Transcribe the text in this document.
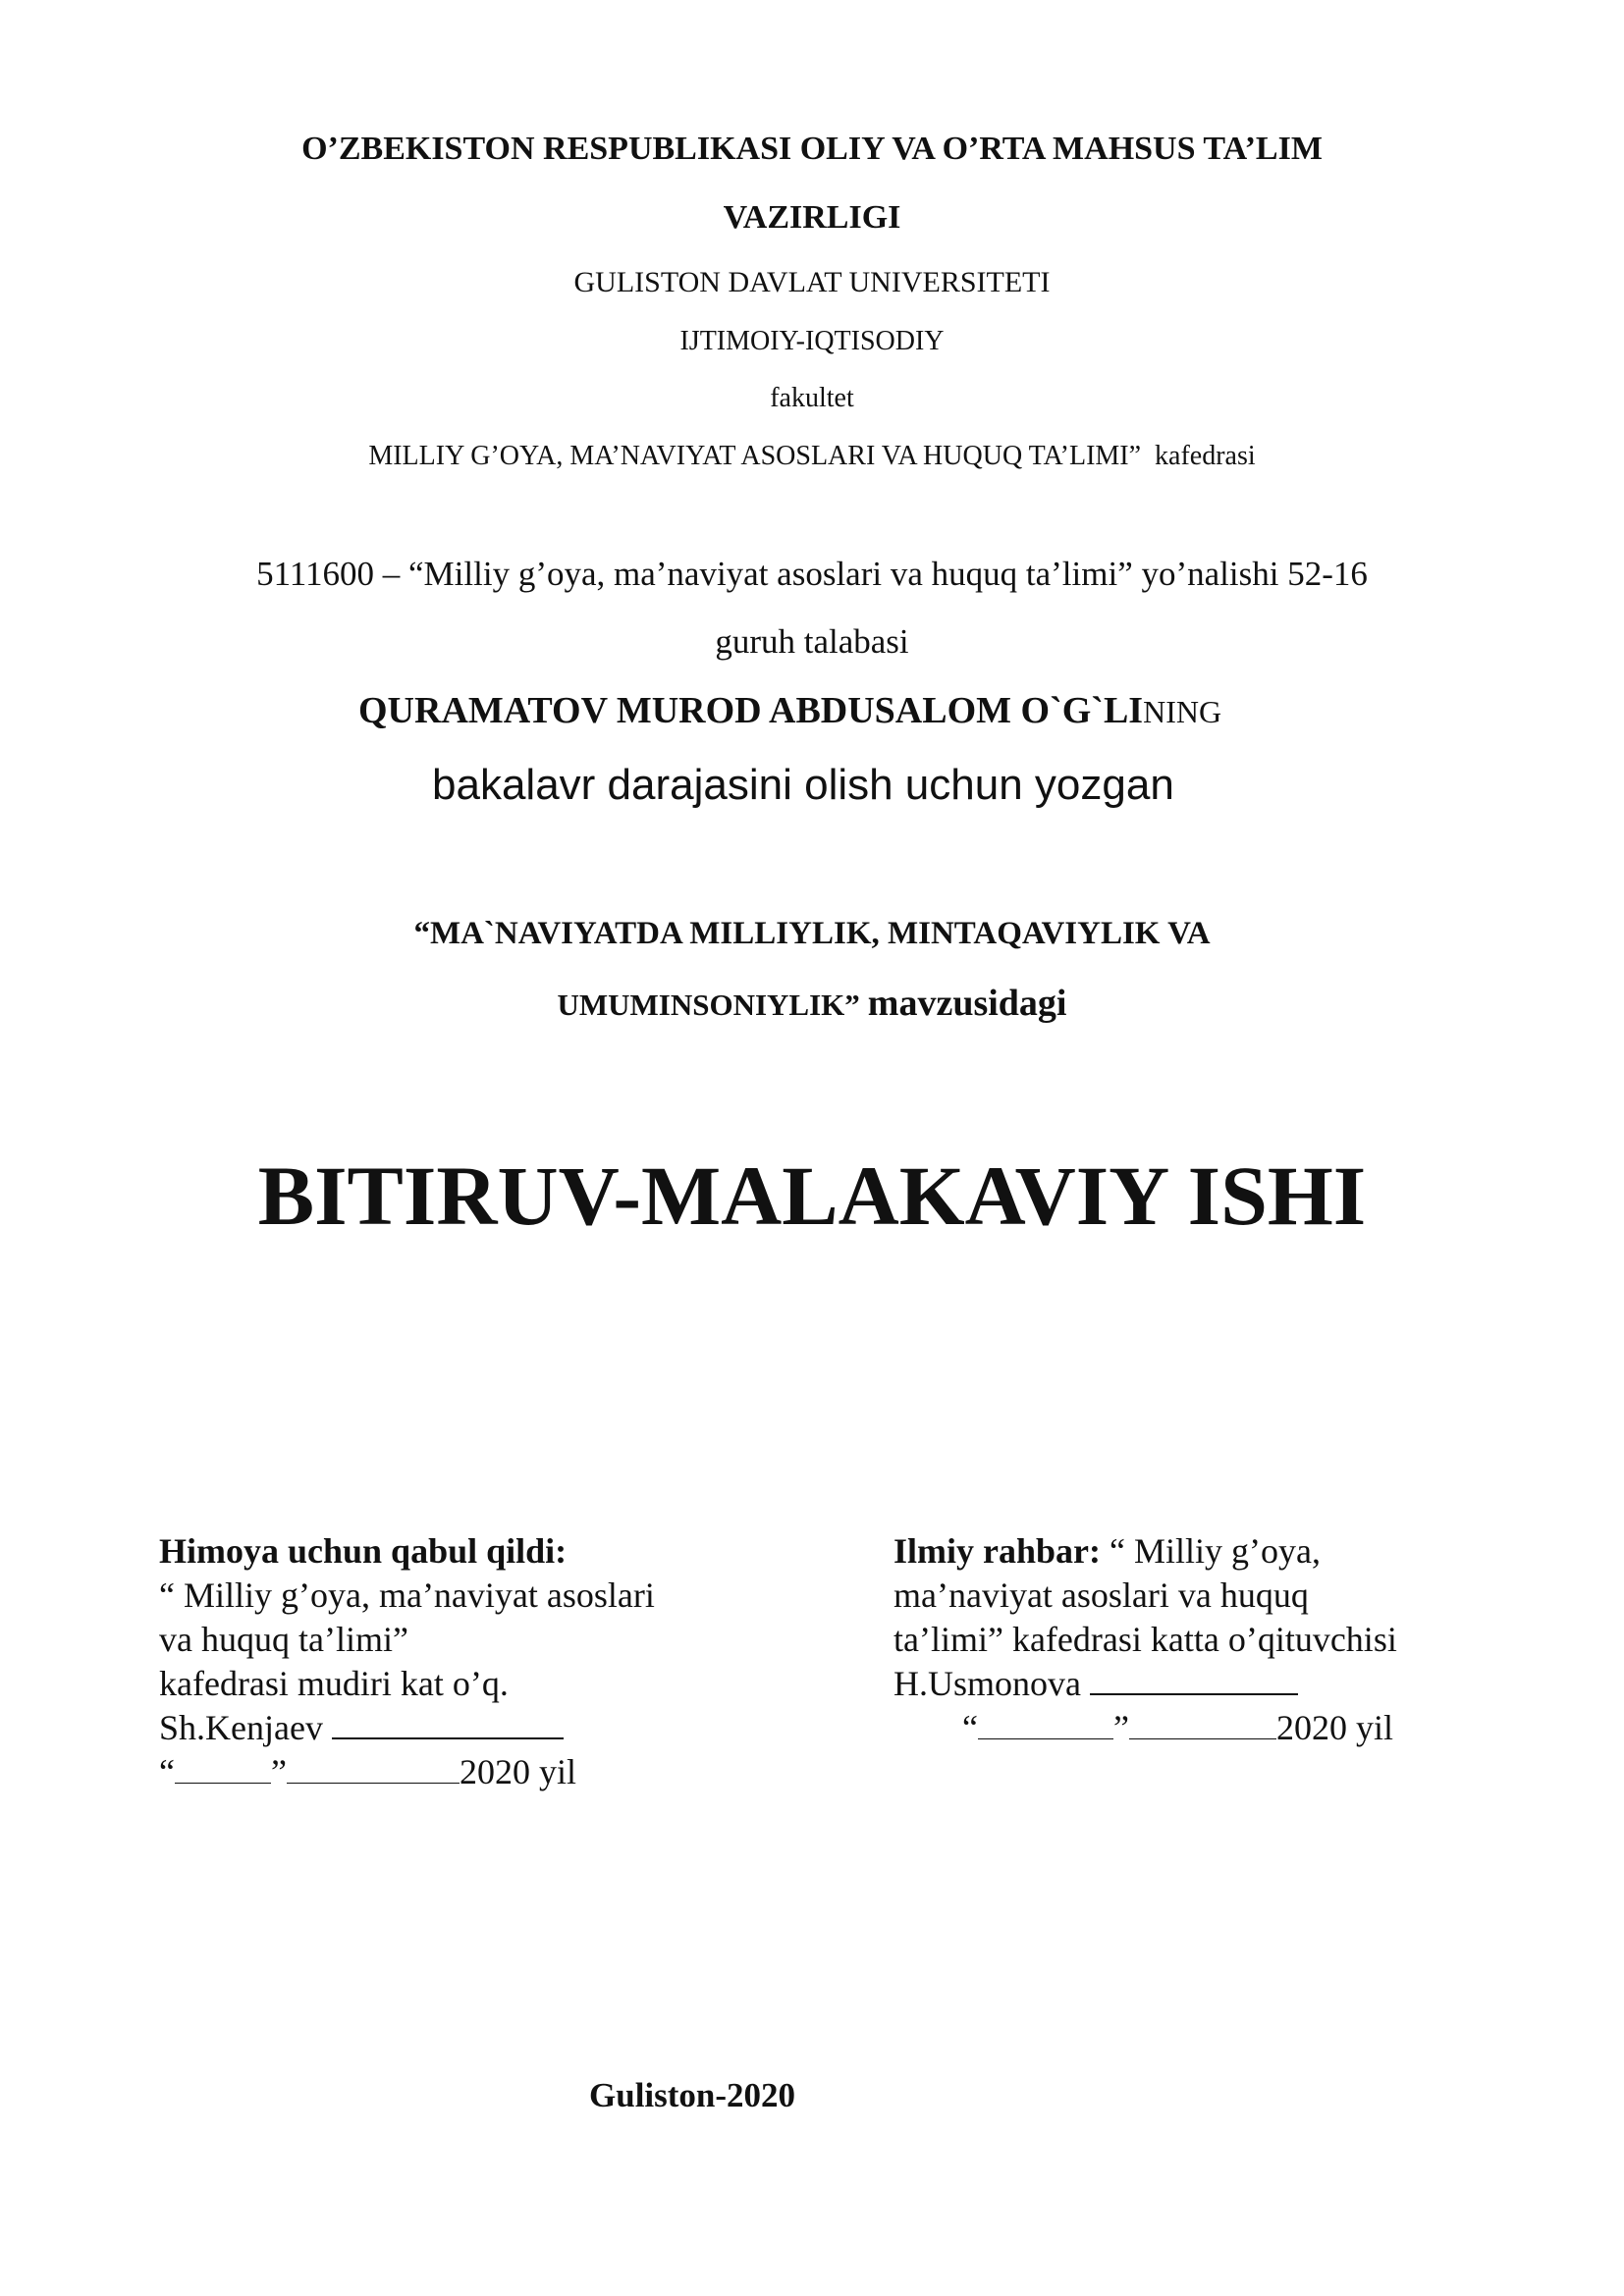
O’ZBEKISTON RESPUBLIKASI OLIY VA O’RTA MAHSUS TA’LIM
VAZIRLIGI
GULISTON DAVLAT UNIVERSITETI
IJTIMOIY-IQTISODIY
fakultet
MILLIY G’OYA, MA’NAVIYAT ASOSLARI VA HUQUQ TA’LIMI” kafedrasi
5111600 – “Milliy g’oya, ma’naviyat asoslari va huquq ta’limi” yo’nalishi 52-16
guruh talabasi
QURAMATOV MUROD ABDUSALOM O`G`LINING
bakalavr darajasini olish uchun yozgan
“MA`NAVIYATDA MILLIYLIK, MINTAQAVIYLIK VA
UMUMINSONIYLIK” mavzusidagi
BITIRUV-MALAKAVIY ISHI
Himoya uchun qabul qildi:
“ Milliy g’oya, ma’naviyat asoslari
va huquq ta’limi”
kafedrasi mudiri kat o’q.
Sh.Kenjaev
“	”	2020 yil
Ilmiy rahbar: “ Milliy g’oya,
ma’naviyat asoslari va huquq
ta’limi” kafedrasi katta o’qituvchisi
H.Usmonova
“	”	2020 yil
Guliston-2020
